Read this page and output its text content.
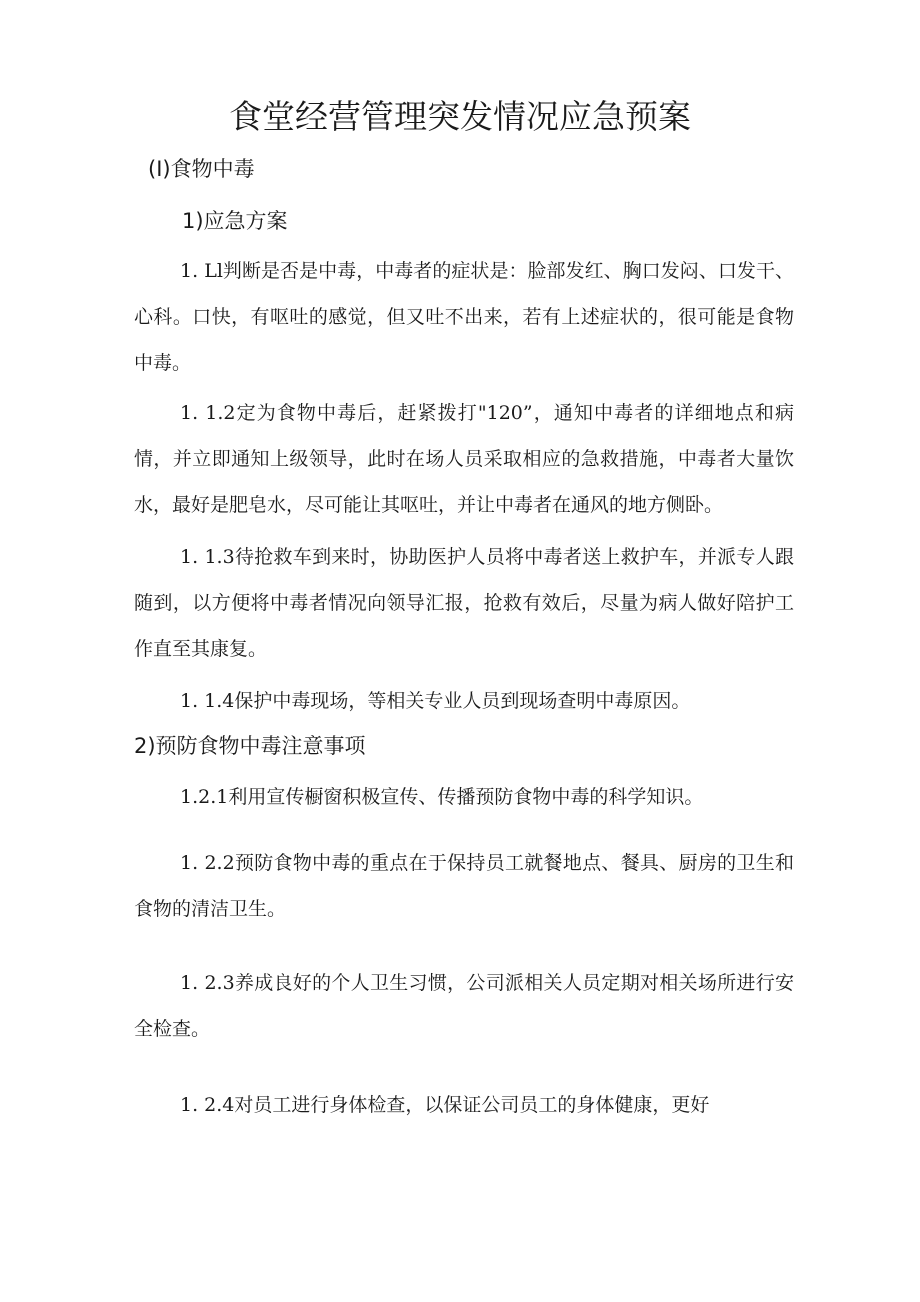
食堂经营管理突发情况应急预案

(I)食物中毒

1)应急方案

1. Ll判断是否是中毒，中毒者的症状是：脸部发红、胸口发闷、口发干、心科。口快，有呕吐的感觉，但又吐不出来，若有上述症状的，很可能是食物中毒。

1. 1.2定为食物中毒后，赶紧拨打"120”，通知中毒者的详细地点和病情，并立即通知上级领导，此时在场人员采取相应的急救措施，中毒者大量饮水，最好是肥皂水，尽可能让其呕吐，并让中毒者在通风的地方侧卧。

1. 1.3待抢救车到来时，协助医护人员将中毒者送上救护车，并派专人跟随到，以方便将中毒者情况向领导汇报，抢救有效后，尽量为病人做好陪护工作直至其康复。

1. 1.4保护中毒现场，等相关专业人员到现场查明中毒原因。

2)预防食物中毒注意事项

1.2.1利用宣传橱窗积极宣传、传播预防食物中毒的科学知识。

1. 2.2预防食物中毒的重点在于保持员工就餐地点、餐具、厨房的卫生和食物的清洁卫生。

1. 2.3养成良好的个人卫生习惯，公司派相关人员定期对相关场所进行安全检查。

1. 2.4对员工进行身体检查，以保证公司员工的身体健康，更好
